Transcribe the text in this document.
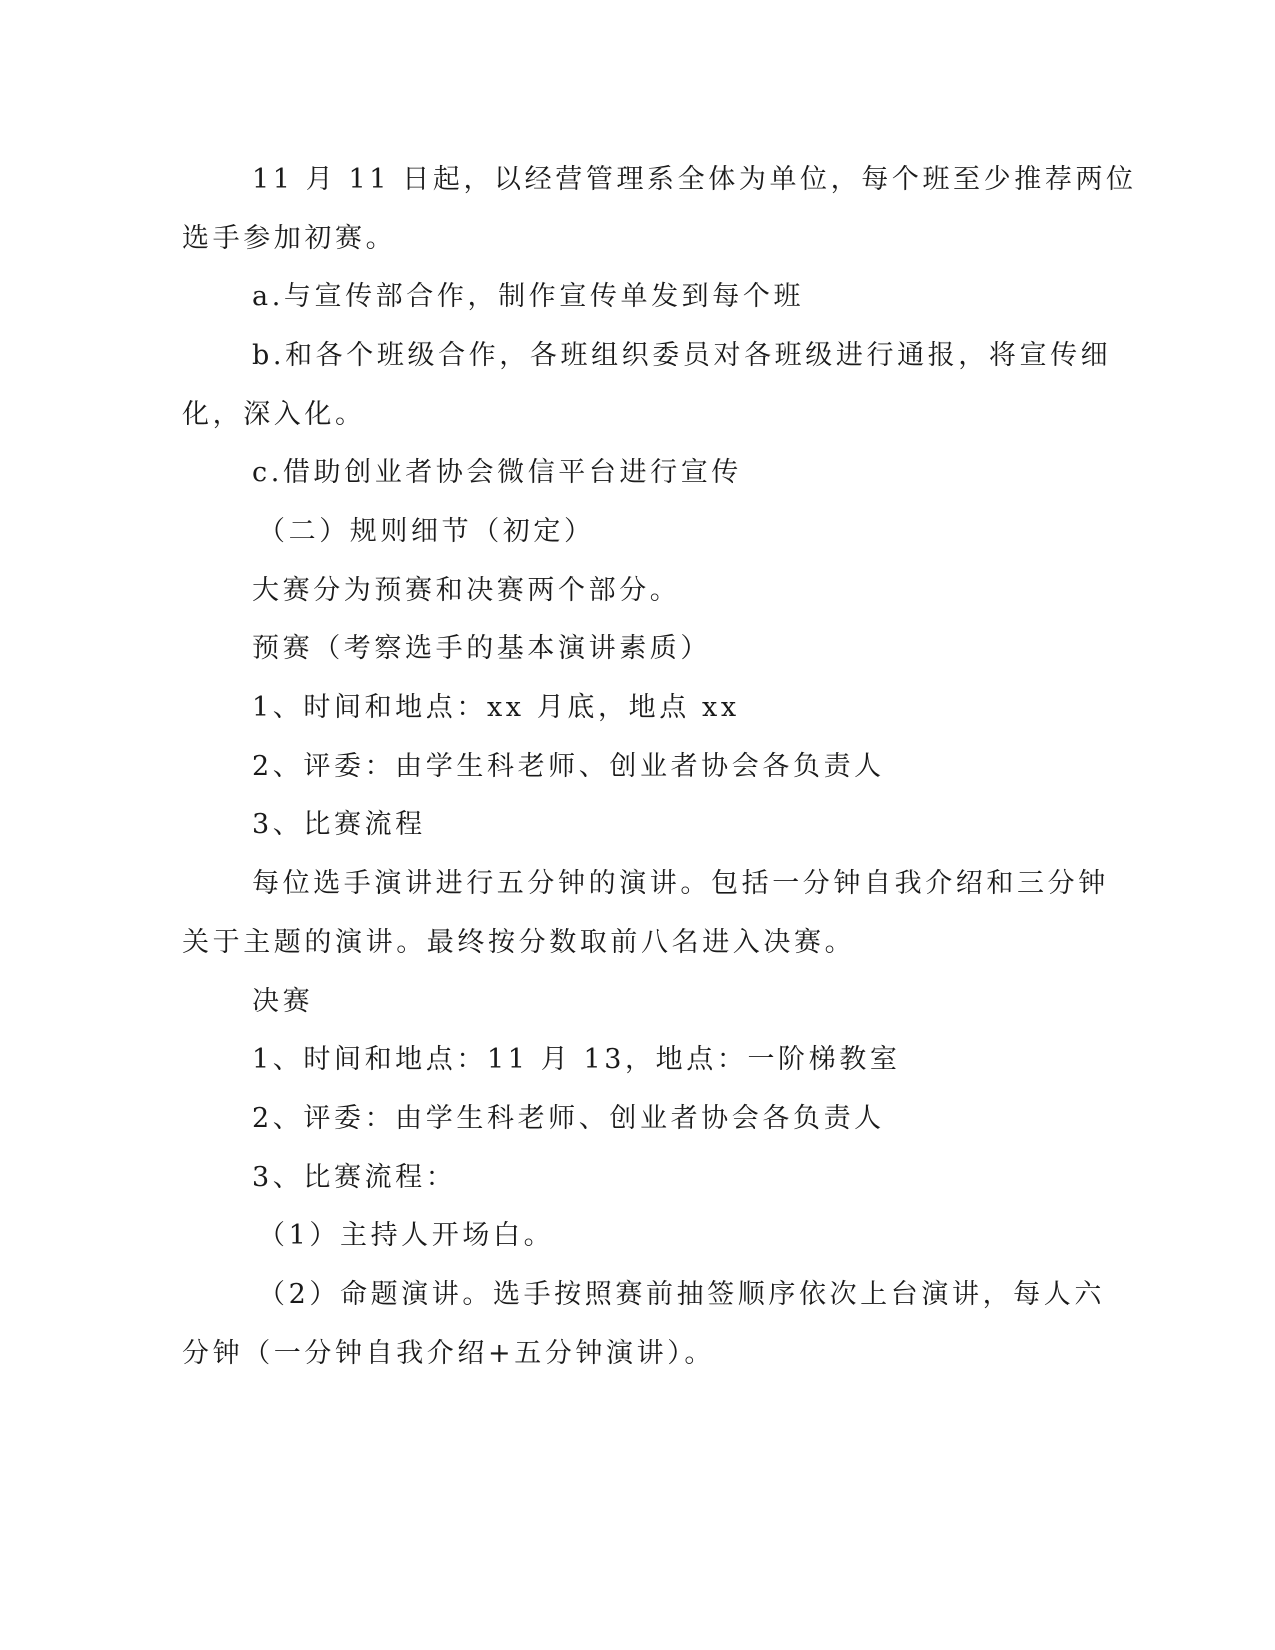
11 月 11 日起，以经营管理系全体为单位，每个班至少推荐两位
选手参加初赛。
a.与宣传部合作，制作宣传单发到每个班
b.和各个班级合作，各班组织委员对各班级进行通报，将宣传细
化，深入化。
c.借助创业者协会微信平台进行宣传
（二）规则细节（初定）
大赛分为预赛和决赛两个部分。
预赛（考察选手的基本演讲素质）
1、时间和地点：xx 月底，地点 xx
2、评委：由学生科老师、创业者协会各负责人
3、比赛流程
每位选手演讲进行五分钟的演讲。包括一分钟自我介绍和三分钟
关于主题的演讲。最终按分数取前八名进入决赛。
决赛
1、时间和地点：11 月 13，地点：一阶梯教室
2、评委：由学生科老师、创业者协会各负责人
3、比赛流程：
（1）主持人开场白。
（2）命题演讲。选手按照赛前抽签顺序依次上台演讲，每人六
分钟（一分钟自我介绍+五分钟演讲）。
